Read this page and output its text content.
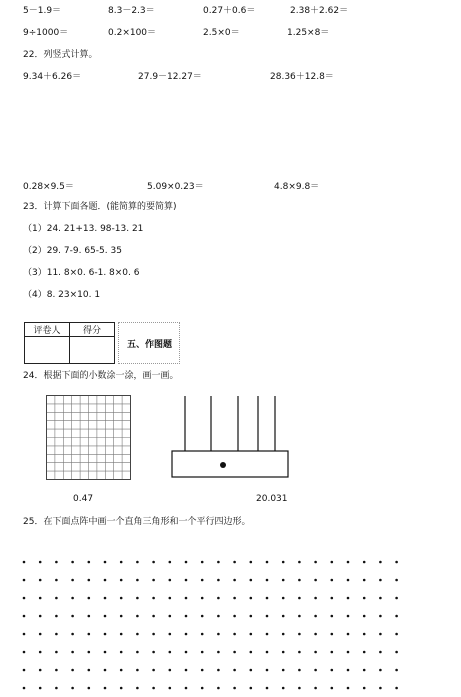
5－1.9＝	8.3－2.3＝	0.27＋0.6＝	2.38＋2.62＝
9÷1000＝	0.2×100＝	2.5×0＝	1.25×8＝
22．列竖式计算。
9.34＋6.26＝	27.9－12.27＝	28.36＋12.8＝
0.28×9.5＝	5.09×0.23＝	4.8×9.8＝
23．计算下面各题．(能简算的要简算)
（1）24. 21+13. 98-13. 21
（2）29. 7-9. 65-5. 35
（3）11. 8×0. 6-1. 8×0. 6
（4）8. 23×10. 1
评卷人	得分

五、作图题
24．根据下面的小数涂一涂，画一画。
0.47	20.031
25．在下面点阵中画一个直角三角形和一个平行四边形。
